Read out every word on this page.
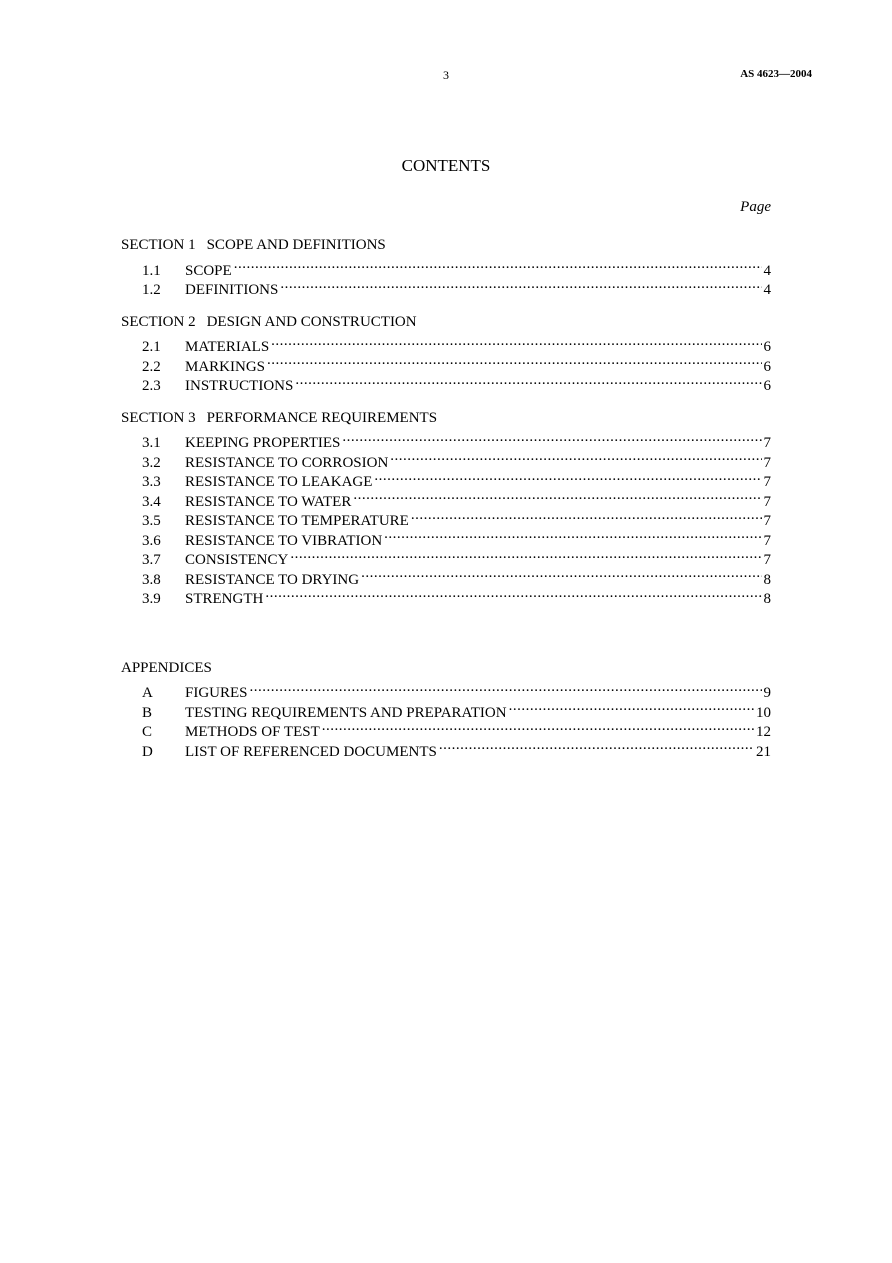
3	AS 4623—2004
CONTENTS
Page
SECTION 1 SCOPE AND DEFINITIONS
1.1	SCOPE .....	4
1.2	DEFINITIONS .....	4
SECTION 2 DESIGN AND CONSTRUCTION
2.1	MATERIALS .....	6
2.2	MARKINGS .....	6
2.3	INSTRUCTIONS .....	6
SECTION 3 PERFORMANCE REQUIREMENTS
3.1	KEEPING PROPERTIES .....	7
3.2	RESISTANCE TO CORROSION .....	7
3.3	RESISTANCE TO LEAKAGE .....	7
3.4	RESISTANCE TO WATER .....	7
3.5	RESISTANCE TO TEMPERATURE .....	7
3.6	RESISTANCE TO VIBRATION .....	7
3.7	CONSISTENCY .....	7
3.8	RESISTANCE TO DRYING .....	8
3.9	STRENGTH .....	8
APPENDICES
A	FIGURES .....	9
B	TESTING REQUIREMENTS AND PREPARATION .....	10
C	METHODS OF TEST .....	12
D	LIST OF REFERENCED DOCUMENTS .....	21
